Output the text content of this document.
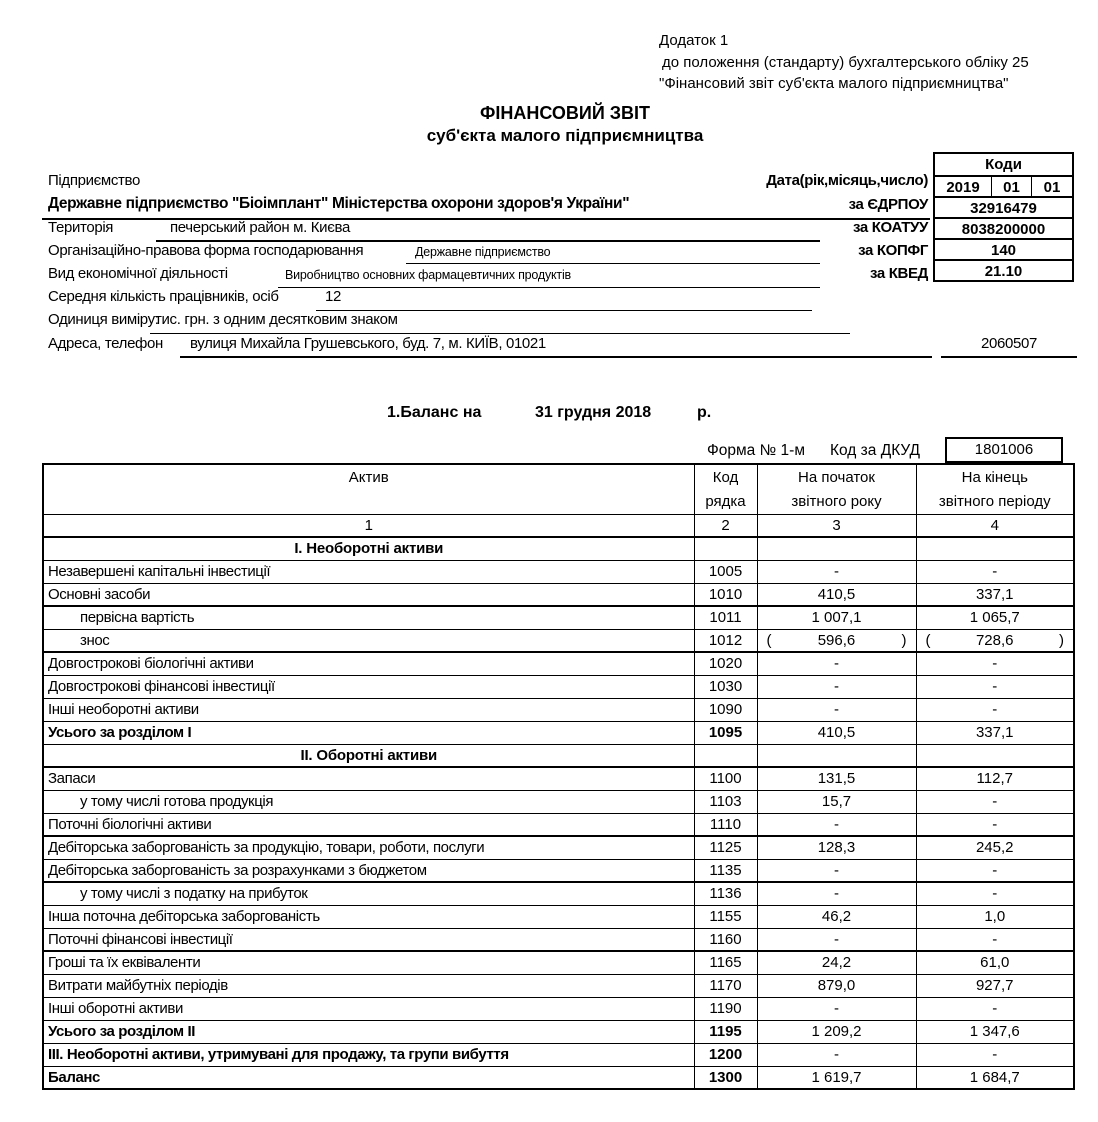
Додаток 1
до положення (стандарту) бухгалтерського обліку 25
"Фінансовий звіт суб'єкта малого підприємництва"
ФІНАНСОВИЙ ЗВІТ
суб'єкта малого підприємництва
Підприємство	Дата(рік,місяць,число)
Державне підприємство "Біоімплант" Міністерства охорони здоров'я України"	за ЄДРПОУ
Територія	печерський район м. Києва	за КОАТУУ
Організаційно-правова форма господарювання	Державне підприємство	за КОПФГ
Вид економічної діяльності	Виробництво основних фармацевтичних продуктів	за КВЕД
Середня кількість працівників, осіб	12
Одиниця виміру:
тис. грн. з одним десятковим знаком
Адреса, телефон вулиця Михайла Грушевського, буд. 7, м. КИЇВ, 01021	2060507
Коди
2019	01	01
32916479
8038200000
140
21.10
1.Баланс на	31 грудня 2018	р.
Форма № 1-м Код за ДКУД	1801006
Актив	Код
рядка

На початок
звітного року

На кінець
звітного періоду

1	2	3	4
I. Необоротні активи			
Незавершені капітальні інвестиції	1005	-	-
Основні засоби	1010	410,5	337,1
первісна вартість	1011	1 007,1	1 065,7
знос	1012	( 596,6 )	( 728,6 )

Довгострокові біологічні активи	1020	-	-
Довгострокові фінансові інвестиції	1030	-	-
Інші необоротні активи	1090	-	-
Усього за розділом I	1095	410,5	337,1
II. Оборотні активи			
Запаси	1100	131,5	112,7
у тому числі готова продукція	1103	15,7	-
Поточні біологічні активи	1110	-	-
Дебіторська заборгованість за продукцію, товари, роботи, послуги	1125	128,3	245,2
Дебіторська заборгованість за розрахунками з бюджетом	1135	-	-
у тому числі з податку на прибуток	1136	-	-
Інша поточна дебіторська заборгованість	1155	46,2	1,0
Поточні фінансові інвестиції	1160	-	-
Гроші та їх еквіваленти	1165	24,2	61,0
Витрати майбутніх періодів	1170	879,0	927,7
Інші оборотні активи	1190	-	-
Усього за розділом II	1195	1 209,2	1 347,6
III. Необоротні активи, утримувані для продажу, та групи вибуття	1200	-	-
Баланс	1300	1 619,7	1 684,7
